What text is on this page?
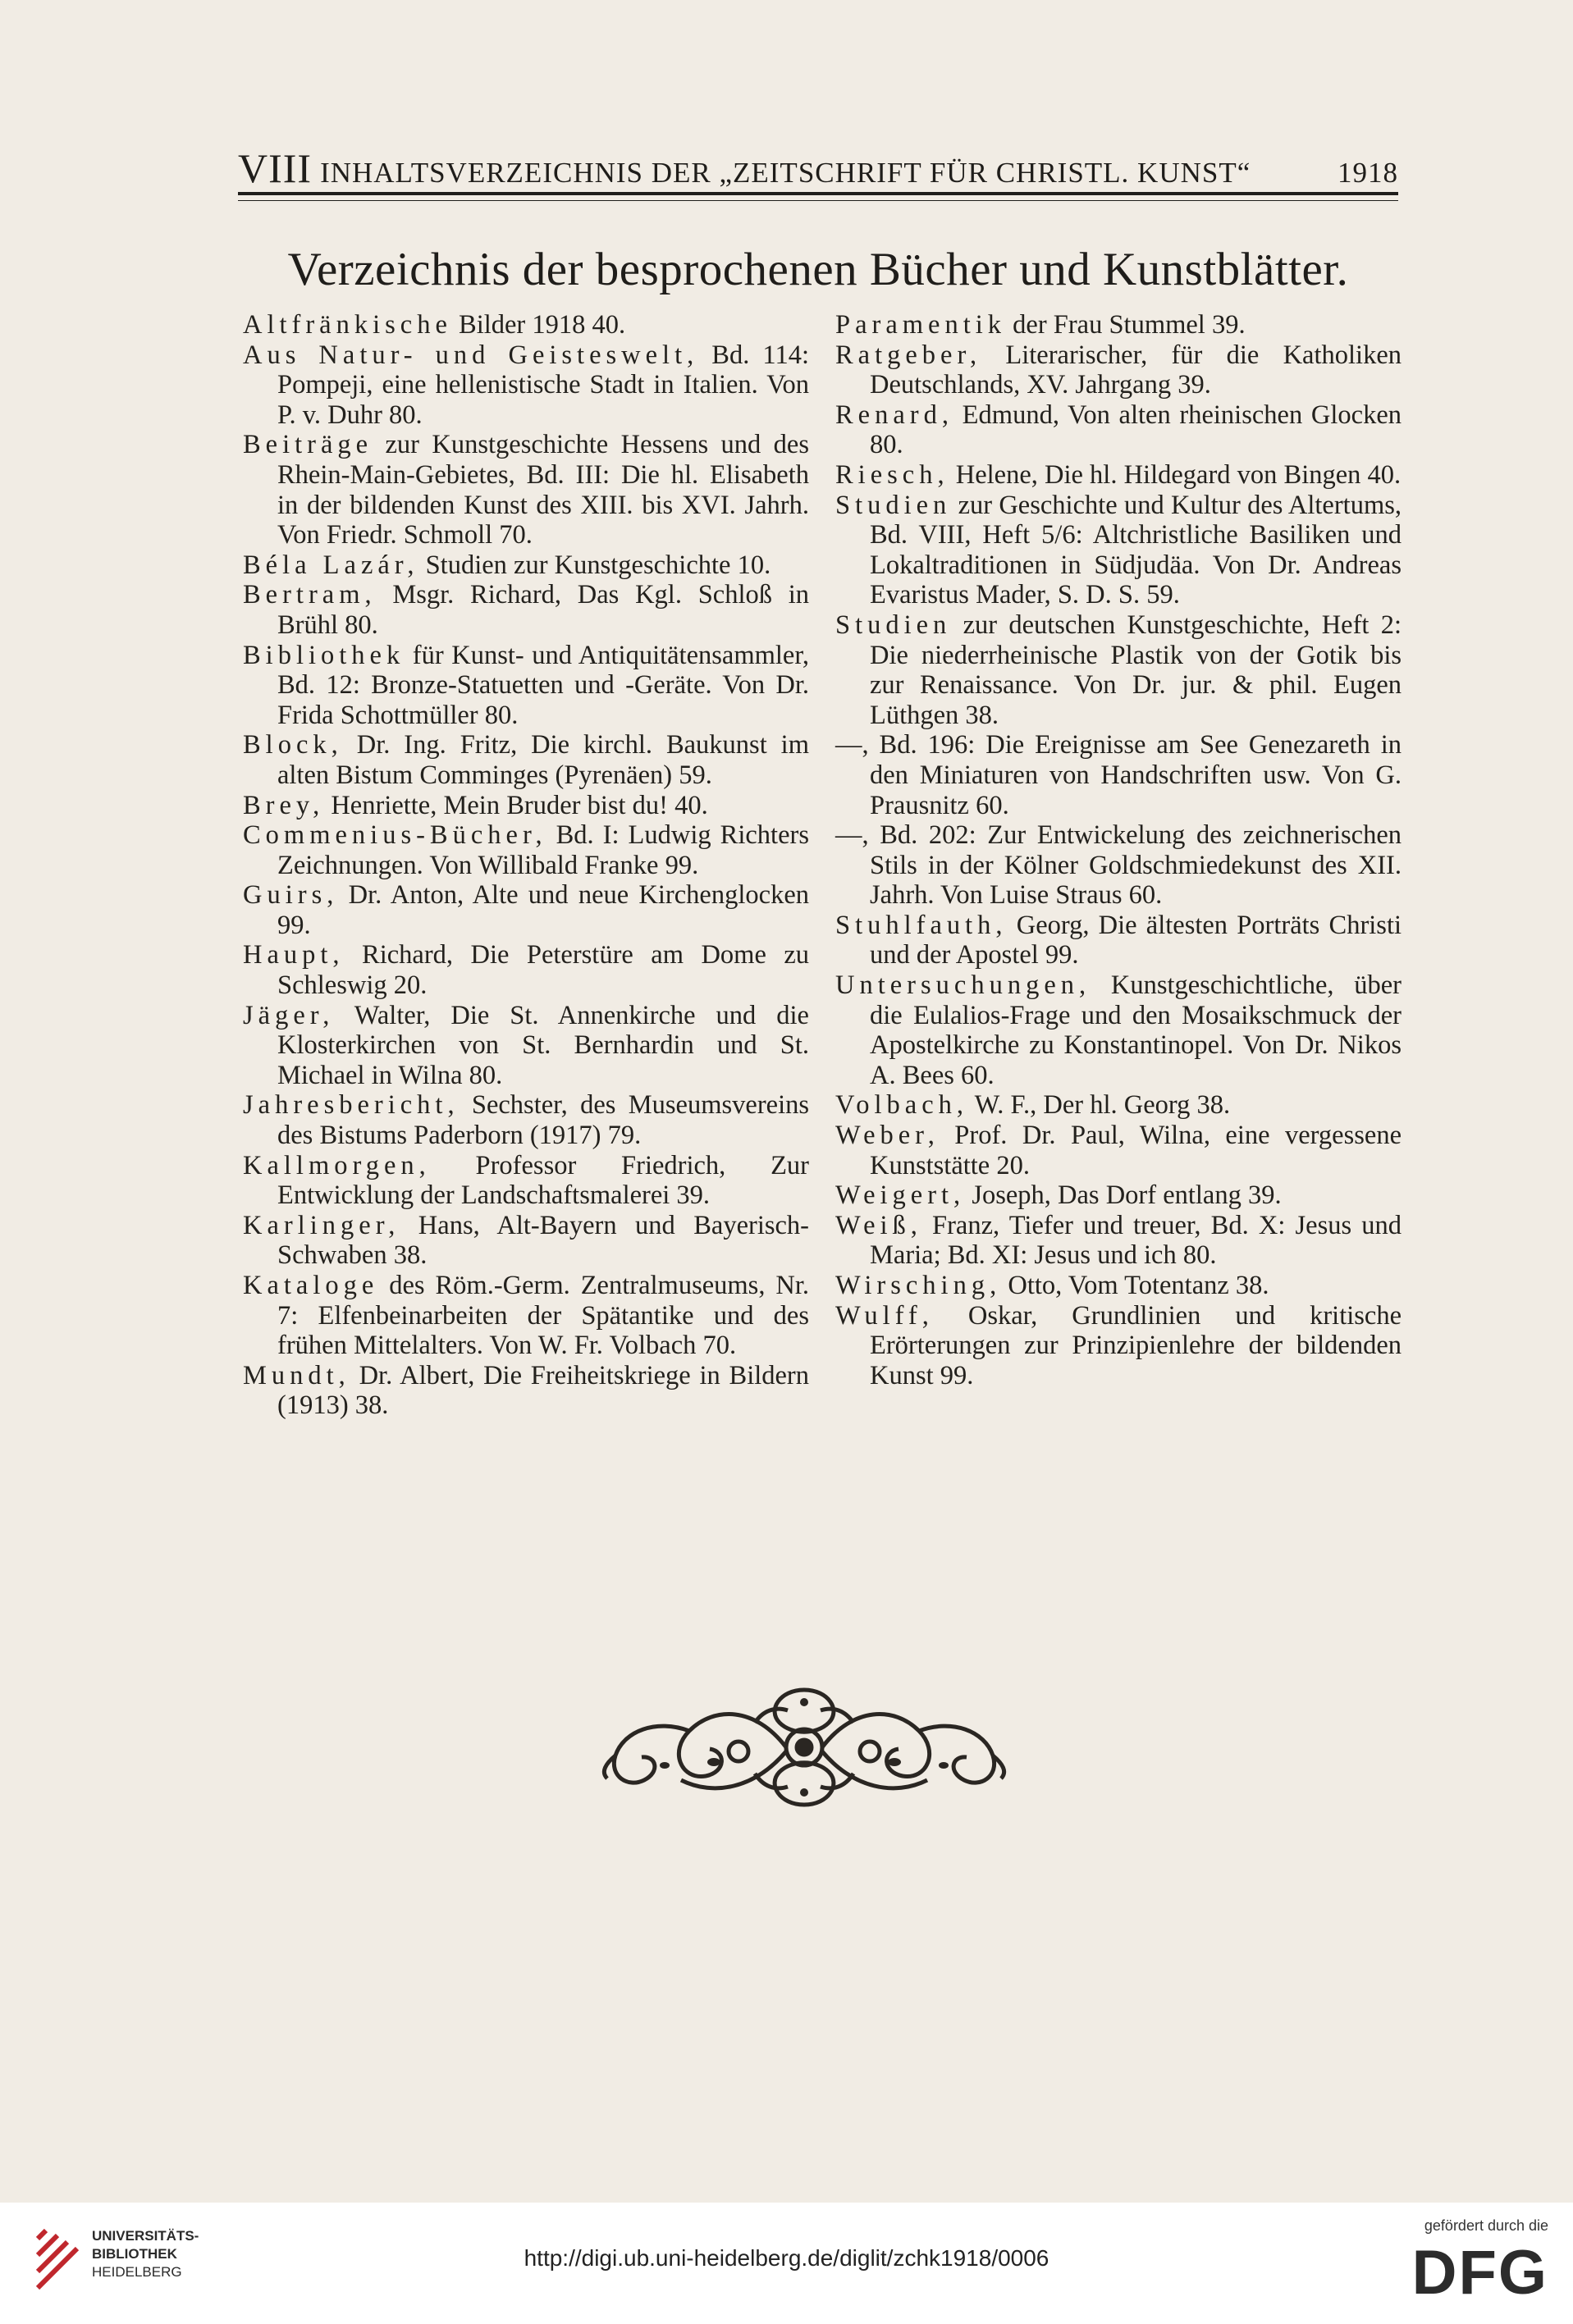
VIII INHALTSVERZEICHNIS DER „ZEITSCHRIFT FÜR CHRISTL. KUNST“	1918
Verzeichnis der besprochenen Bücher und Kunstblätter.

Altfränkische Bilder 1918 40.

Aus Natur- und Geisteswelt, Bd. 114: Pompeji, eine hellenistische Stadt in Italien. Von P. v. Duhr 80.

Beiträge zur Kunstgeschichte Hessens und des Rhein-Main-Gebietes, Bd. III: Die hl. Elisabeth in der bildenden Kunst des XIII. bis XVI. Jahrh. Von Friedr. Schmoll 70.

Béla Lazár, Studien zur Kunstgeschichte 10.

Bertram, Msgr. Richard, Das Kgl. Schloß in Brühl 80.

Bibliothek für Kunst- und Antiquitätensammler, Bd. 12: Bronze-Statuetten und -Geräte. Von Dr. Frida Schottmüller 80.

Block, Dr. Ing. Fritz, Die kirchl. Baukunst im alten Bistum Comminges (Pyrenäen) 59.

Brey, Henriette, Mein Bruder bist du! 40.

Commenius-Bücher, Bd. I: Ludwig Richters Zeichnungen. Von Willibald Franke 99.

Guirs, Dr. Anton, Alte und neue Kirchenglocken 99.

Haupt, Richard, Die Peterstüre am Dome zu Schleswig 20.

Jäger, Walter, Die St. Annenkirche und die Klosterkirchen von St. Bernhardin und St. Michael in Wilna 80.

Jahresbericht, Sechster, des Museumsvereins des Bistums Paderborn (1917) 79.

Kallmorgen, Professor Friedrich, Zur Entwicklung der Landschaftsmalerei 39.

Karlinger, Hans, Alt-Bayern und Bayerisch-Schwaben 38.

Kataloge des Röm.-Germ. Zentralmuseums, Nr. 7: Elfenbeinarbeiten der Spätantike und des frühen Mittelalters. Von W. Fr. Volbach 70.

Mundt, Dr. Albert, Die Freiheitskriege in Bildern (1913) 38.

Paramentik der Frau Stummel 39.

Ratgeber, Literarischer, für die Katholiken Deutschlands, XV. Jahrgang 39.

Renard, Edmund, Von alten rheinischen Glocken 80.

Riesch, Helene, Die hl. Hildegard von Bingen 40.

Studien zur Geschichte und Kultur des Altertums, Bd. VIII, Heft 5/6: Altchristliche Basiliken und Lokaltraditionen in Südjudäa. Von Dr. Andreas Evaristus Mader, S. D. S. 59.

Studien zur deutschen Kunstgeschichte, Heft 2: Die niederrheinische Plastik von der Gotik bis zur Renaissance. Von Dr. jur. & phil. Eugen Lüthgen 38.

—, Bd. 196: Die Ereignisse am See Genezareth in den Miniaturen von Handschriften usw. Von G. Prausnitz 60.

—, Bd. 202: Zur Entwickelung des zeichnerischen Stils in der Kölner Goldschmiedekunst des XII. Jahrh. Von Luise Straus 60.

Stuhlfauth, Georg, Die ältesten Porträts Christi und der Apostel 99.

Untersuchungen, Kunstgeschichtliche, über die Eulalios-Frage und den Mosaikschmuck der Apostelkirche zu Konstantinopel. Von Dr. Nikos A. Bees 60.

Volbach, W. F., Der hl. Georg 38.

Weber, Prof. Dr. Paul, Wilna, eine vergessene Kunststätte 20.

Weigert, Joseph, Das Dorf entlang 39.

Weiß, Franz, Tiefer und treuer, Bd. X: Jesus und Maria; Bd. XI: Jesus und ich 80.

Wirsching, Otto, Vom Totentanz 38.

Wulff, Oskar, Grundlinien und kritische Erörterungen zur Prinzipienlehre der bildenden Kunst 99.

UNIVERSITÄTS-
BIBLIOTHEK
HEIDELBERG
http://digi.ub.uni-heidelberg.de/diglit/zchk1918/0006
gefördert durch die
DFG
